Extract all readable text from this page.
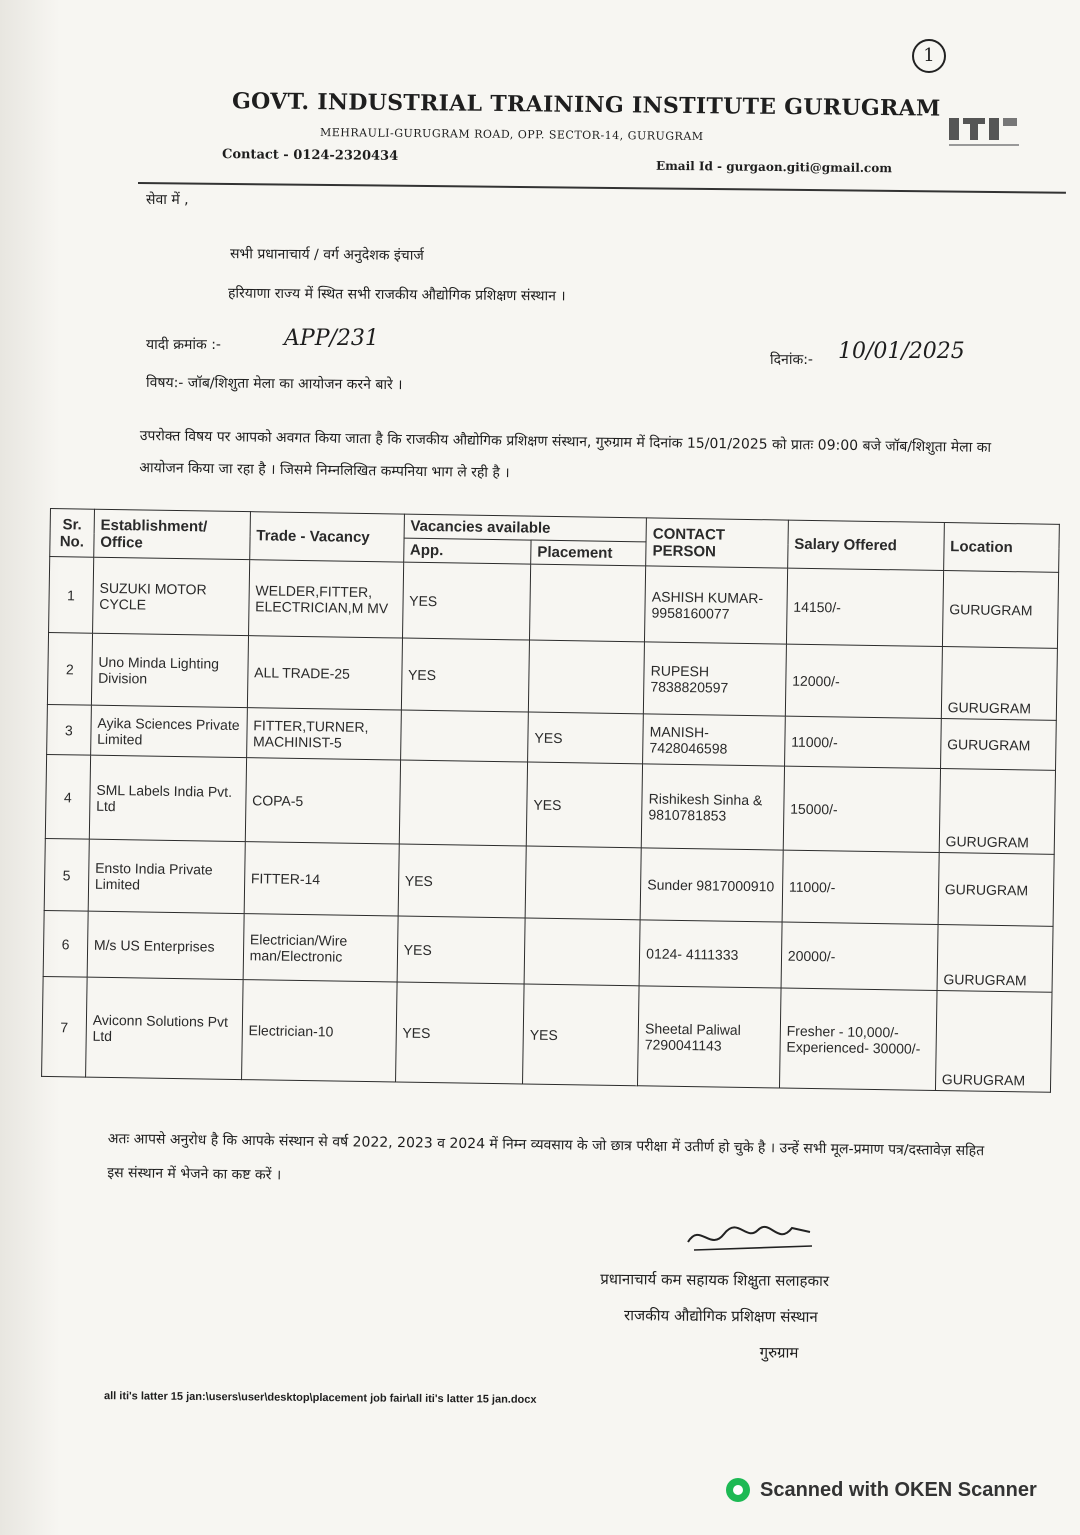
1
GOVT. INDUSTRIAL TRAINING INSTITUTE GURUGRAM
MEHRAULI-GURUGRAM ROAD, OPP. SECTOR-14, GURUGRAM
Contact - 0124-2320434
Email Id - gurgaon.giti@gmail.com
सेवा में ,
सभी प्रधानाचार्य / वर्ग अनुदेशक इंचार्ज
हरियाणा राज्य में स्थित सभी राजकीय औद्योगिक प्रशिक्षण संस्थान ।
यादी क्रमांक :-	APP/231
दिनांक:- 10/01/2025
विषय:- जॉब/शिशुता मेला का आयोजन करने बारे ।
उपरोक्त विषय पर आपको अवगत किया जाता है कि राजकीय औद्योगिक प्रशिक्षण संस्थान, गुरुग्राम में दिनांक 15/01/2025 को प्रातः 09:00 बजे जॉब/शिशुता मेला का आयोजन किया जा रहा है । जिसमे निम्नलिखित कम्पनिया भाग ले रही है ।
Sr. No.	Establishment/ Office	Trade - Vacancy	Vacancies available		CONTACT PERSON	Salary Offered	Location
			App.	Placement			
1	SUZUKI MOTOR CYCLE	WELDER,FITTER, ELECTRICIAN,M MV	YES		ASHISH KUMAR- 9958160077	14150/-	GURUGRAM
2	Uno Minda Lighting Division	ALL TRADE-25	YES		RUPESH 7838820597	12000/-	GURUGRAM
3	Ayika Sciences Private Limited	FITTER,TURNER, MACHINIST-5		YES	MANISH- 7428046598	11000/-	GURUGRAM
4	SML Labels India Pvt. Ltd	COPA-5		YES	Rishikesh Sinha & 9810781853	15000/-	GURUGRAM
5	Ensto India Private Limited	FITTER-14	YES		Sunder 9817000910	11000/-	GURUGRAM
6	M/s US Enterprises	Electrician/Wire man/Electronic	YES		0124- 4111333	20000/-	GURUGRAM
7	Aviconn Solutions Pvt Ltd	Electrician-10	YES	YES	Sheetal Paliwal 7290041143	Fresher - 10,000/- Experienced- 30000/-	GURUGRAM
अतः आपसे अनुरोध है कि आपके संस्थान से वर्ष 2022, 2023 व 2024 में निम्न व्यवसाय के जो छात्र परीक्षा में उतीर्ण हो चुके है । उन्हें सभी मूल-प्रमाण पत्र/दस्तावेज़ सहित इस संस्थान में भेजने का कष्ट करें ।
प्रधानाचार्य कम सहायक शिक्षुता सलाहकार
राजकीय औद्योगिक प्रशिक्षण संस्थान
गुरुग्राम
all iti's latter 15 jan:\users\user\desktop\placement job fair\all iti's latter 15 jan.docx
Scanned with OKEN Scanner
